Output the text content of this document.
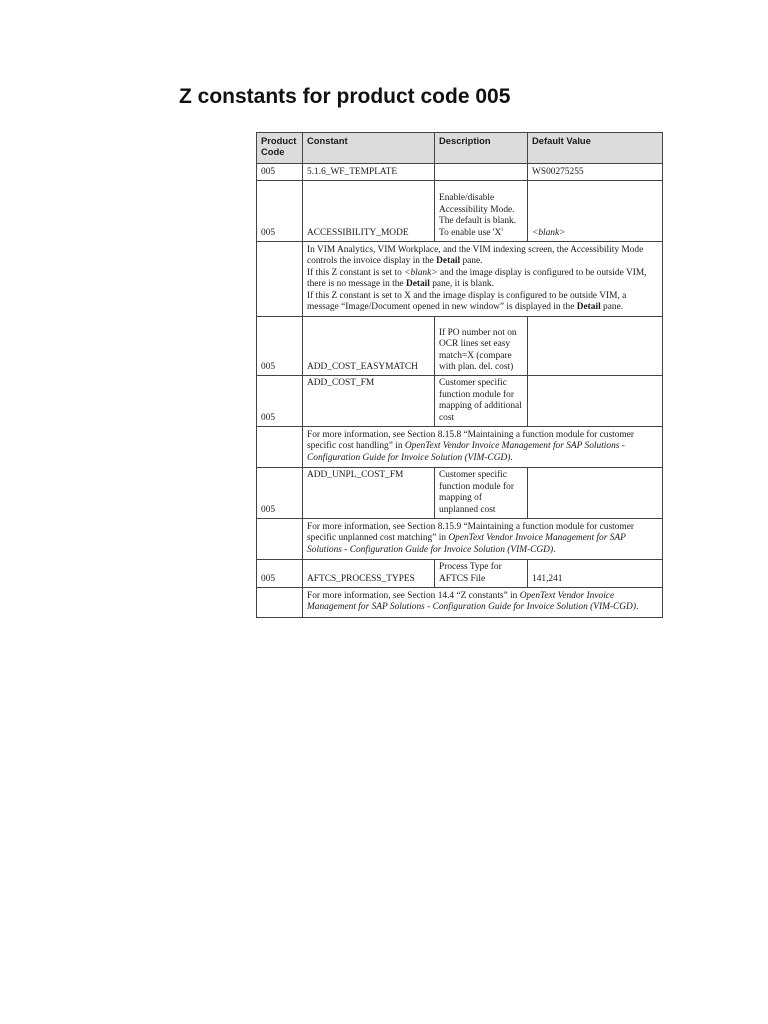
Z constants for product code 005
Product Code	Constant	Description	Default Value
005	5.1.6_WF_TEMPLATE		WS00275255
005	ACCESSIBILITY_MODE	Enable/disable Accessibility Mode. The default is blank. To enable use 'X'	<blank>
	In VIM Analytics, VIM Workplace, and the VIM indexing screen, the Accessibility Mode controls the invoice display in the Detail pane.
If this Z constant is set to <blank> and the image display is configured to be outside VIM, there is no message in the Detail pane, it is blank.
If this Z constant is set to X and the image display is configured to be outside VIM, a message “Image/Document opened in new window” is displayed in the Detail pane.		
005	ADD_COST_EASYMATCH	If PO number not on OCR lines set easy match=X (compare with plan. del. cost)	
005	ADD_COST_FM	Customer specific function module for mapping of additional cost	
	For more information, see Section 8.15.8 “Maintaining a function module for customer specific cost handling” in OpenText Vendor Invoice Management for SAP Solutions - Configuration Guide for Invoice Solution (VIM-CGD).		
005	ADD_UNPL_COST_FM	Customer specific function module for mapping of unplanned cost	
	For more information, see Section 8.15.9 “Maintaining a function module for customer specific unplanned cost matching” in OpenText Vendor Invoice Management for SAP Solutions - Configuration Guide for Invoice Solution (VIM-CGD).		
005	AFTCS_PROCESS_TYPES	Process Type for AFTCS File	141,241
	For more information, see Section 14.4 “Z constants” in OpenText Vendor Invoice Management for SAP Solutions - Configuration Guide for Invoice Solution (VIM-CGD).		
